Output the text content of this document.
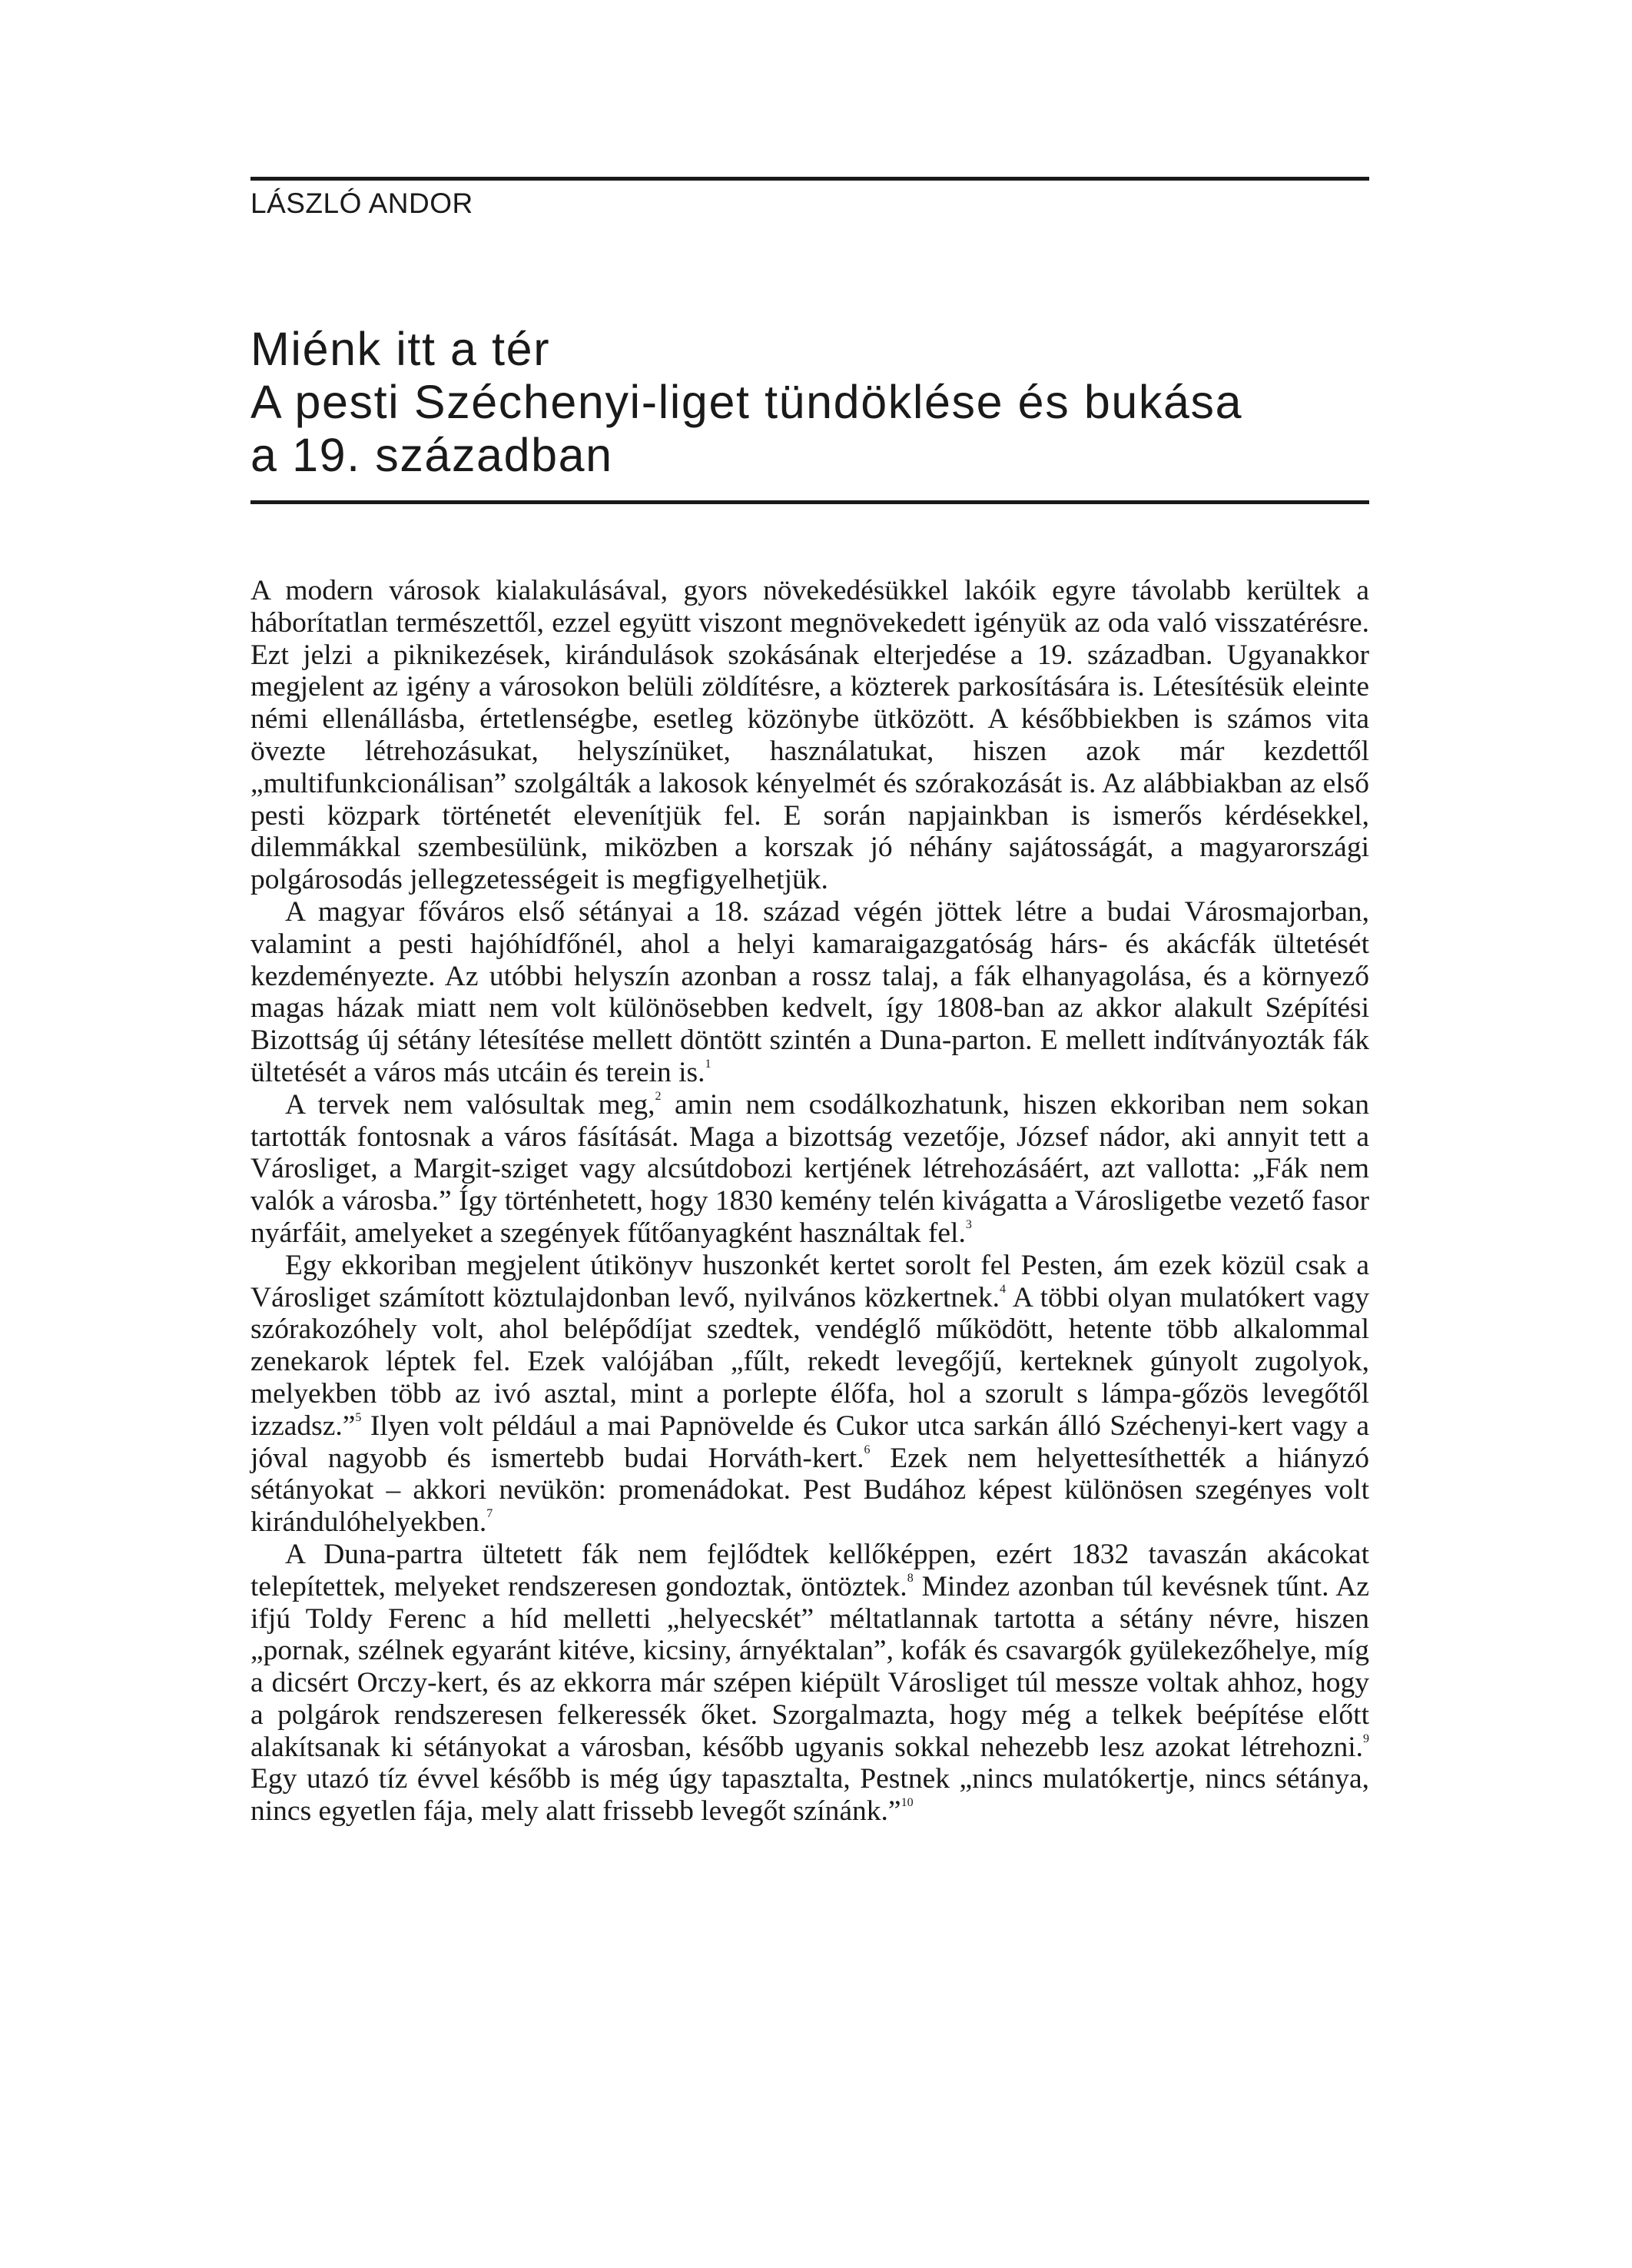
LÁSZLÓ ANDOR
Miénk itt a tér
A pesti Széchenyi-liget tündöklése és bukása
a 19. században

A modern városok kialakulásával, gyors növekedésükkel lakóik egyre távolabb kerültek a háborítatlan természettől, ezzel együtt viszont megnövekedett igényük az oda való visszatérésre. Ezt jelzi a piknikezések, kirándulások szokásának elterjedése a 19. században. Ugyanakkor megjelent az igény a városokon belüli zöldítésre, a közterek parkosítására is. Létesítésük eleinte némi ellenállásba, értetlenségbe, esetleg közönybe ütközött. A későbbiekben is számos vita övezte létrehozásukat, helyszínüket, használatukat, hiszen azok már kezdettől „multifunkcionálisan” szolgálták a lakosok kényelmét és szórakozását is. Az alábbiakban az első pesti közpark történetét elevenítjük fel. E során napjainkban is ismerős kérdésekkel, dilemmákkal szembesülünk, miközben a korszak jó néhány sajátosságát, a magyarországi polgárosodás jellegzetességeit is megfigyelhetjük.

A magyar főváros első sétányai a 18. század végén jöttek létre a budai Városmajorban, valamint a pesti hajóhídfőnél, ahol a helyi kamaraigazgatóság hárs- és akácfák ültetését kezdeményezte. Az utóbbi helyszín azonban a rossz talaj, a fák elhanyagolása, és a környező magas házak miatt nem volt különösebben kedvelt, így 1808-ban az akkor alakult Szépítési Bizottság új sétány létesítése mellett döntött szintén a Duna-parton. E mellett indítványozták fák ültetését a város más utcáin és terein is.$^1$

A tervek nem valósultak meg,$^2$ amin nem csodálkozhatunk, hiszen ekkoriban nem sokan tartották fontosnak a város fásítását. Maga a bizottság vezetője, József nádor, aki annyit tett a Városliget, a Margit-sziget vagy alcsútdobozi kertjének létrehozásáért, azt vallotta: „Fák nem valók a városba.” Így történhetett, hogy 1830 kemény telén kivágatta a Városligetbe vezető fasor nyárfáit, amelyeket a szegények fűtőanyagként használtak fel.$^3$

Egy ekkoriban megjelent útikönyv huszonkét kertet sorolt fel Pesten, ám ezek közül csak a Városliget számított köztulajdonban levő, nyilvános közkertnek.$^4$ A többi olyan mulatókert vagy szórakozóhely volt, ahol belépődíjat szedtek, vendéglő működött, hetente több alkalommal zenekarok léptek fel. Ezek valójában „fűlt, rekedt levegőjű, kerteknek gúnyolt zugolyok, melyekben több az ivó asztal, mint a porlepte élőfa, hol a szorult s lámpa-gőzös levegőtől izzadsz.”$^5$ Ilyen volt például a mai Papnövelde és Cukor utca sarkán álló Széchenyi-kert vagy a jóval nagyobb és ismertebb budai Horváth-kert.$^6$ Ezek nem helyettesíthették a hiányzó sétányokat – akkori nevükön: promenádokat. Pest Budához képest különösen szegényes volt kirándulóhelyekben.$^7$

A Duna-partra ültetett fák nem fejlődtek kellőképpen, ezért 1832 tavaszán akácokat telepítettek, melyeket rendszeresen gondoztak, öntöztek.$^8$ Mindez azonban túl kevésnek tűnt. Az ifjú Toldy Ferenc a híd melletti „helyecskét” méltatlannak tartotta a sétány névre, hiszen „pornak, szélnek egyaránt kitéve, kicsiny, árnyéktalan”, kofák és csavargók gyülekezőhelye, míg a dicsért Orczy-kert, és az ekkorra már szépen kiépült Városliget túl messze voltak ahhoz, hogy a polgárok rendszeresen felkeressék őket. Szorgalmazta, hogy még a telkek beépítése előtt alakítsanak ki sétányokat a városban, később ugyanis sokkal nehezebb lesz azokat létrehozni.$^9$ Egy utazó tíz évvel később is még úgy tapasztalta, Pestnek „nincs mulatókertje, nincs sétánya, nincs egyetlen fája, mely alatt frissebb levegőt színánk.”$^{10}$
